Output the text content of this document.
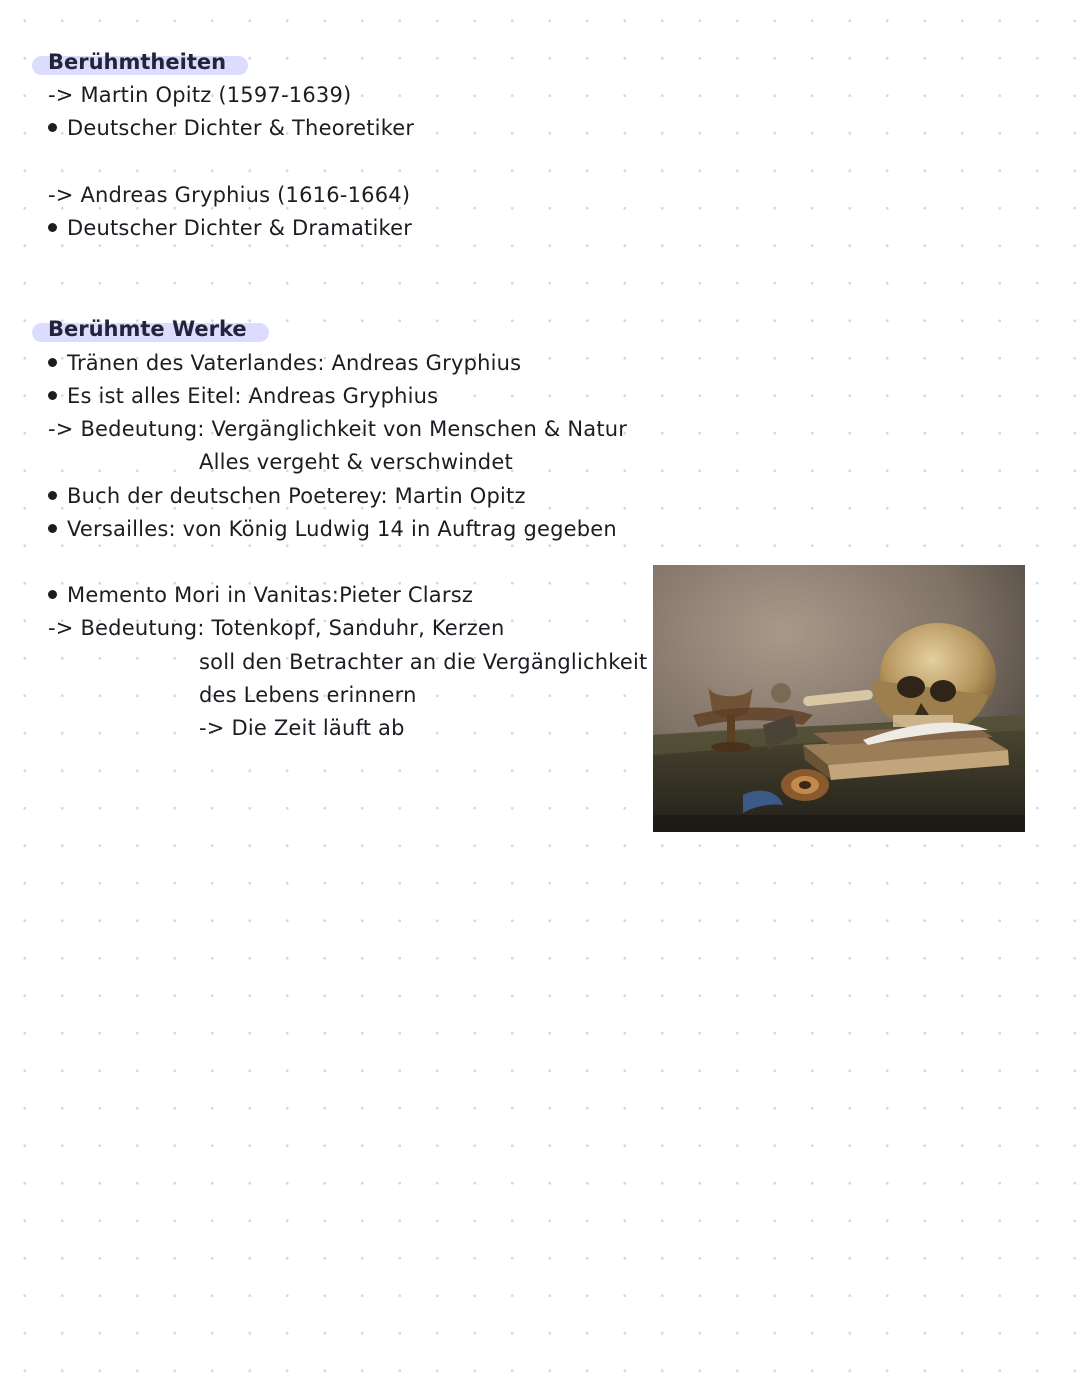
Berühmtheiten
-> Martin Opitz (1597-1639)
Deutscher Dichter & Theoretiker
-> Andreas Gryphius (1616-1664)
Deutscher Dichter & Dramatiker
Berühmte Werke
Tränen des Vaterlandes: Andreas Gryphius
Es ist alles Eitel: Andreas Gryphius
-> Bedeutung: Vergänglichkeit von Menschen & Natur
Alles vergeht & verschwindet
Buch der deutschen Poeterey: Martin Opitz
Versailles: von König Ludwig 14 in Auftrag gegeben
Memento Mori in Vanitas:Pieter Clarsz
-> Bedeutung: Totenkopf, Sanduhr, Kerzen
soll den Betrachter an die Vergänglichkeit
des Lebens erinnern
-> Die Zeit läuft ab
